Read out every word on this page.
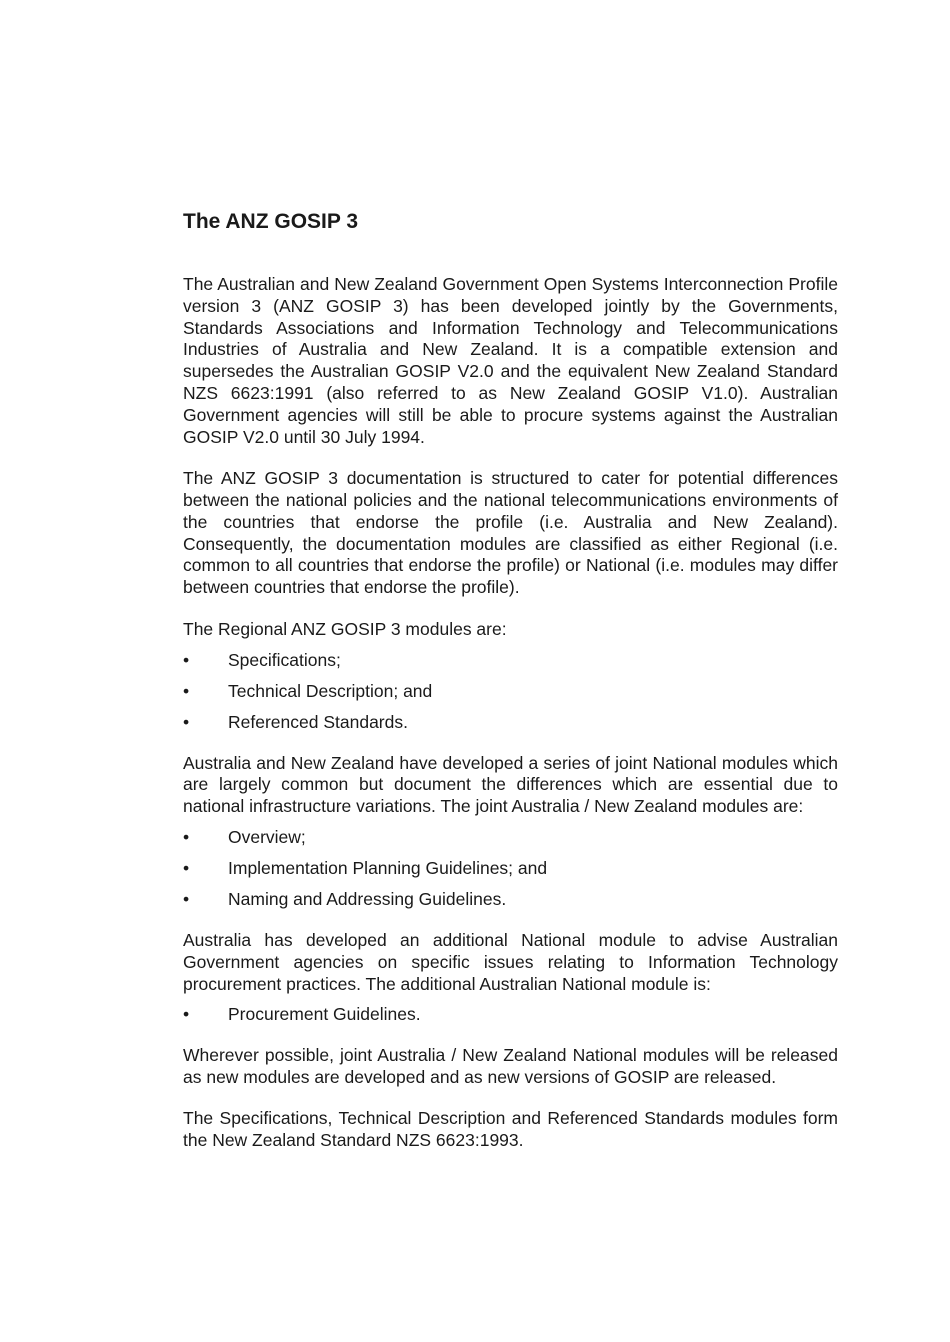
The ANZ GOSIP 3

The Australian and New Zealand Government Open Systems Interconnection Profile version 3 (ANZ GOSIP 3) has been developed jointly by the Governments, Standards Associations and Information Technology and Telecommunications Industries of Australia and New Zealand. It is a compatible extension and supersedes the Australian GOSIP V2.0 and the equivalent New Zealand Standard NZS 6623:1991 (also referred to as New Zealand GOSIP V1.0). Australian Government agencies will still be able to procure systems against the Australian GOSIP V2.0 until 30 July 1994.

The ANZ GOSIP 3 documentation is structured to cater for potential differences between the national policies and the national telecommunications environments of the countries that endorse the profile (i.e. Australia and New Zealand). Consequently, the documentation modules are classified as either Regional (i.e. common to all countries that endorse the profile) or National (i.e. modules may differ between countries that endorse the profile).

The Regional ANZ GOSIP 3 modules are:

•	Specifications;
•	Technical Description; and
•	Referenced Standards.

Australia and New Zealand have developed a series of joint National modules which are largely common but document the differences which are essential due to national infrastructure variations. The joint Australia / New Zealand modules are:

•	Overview;
•	Implementation Planning Guidelines; and
•	Naming and Addressing Guidelines.

Australia has developed an additional National module to advise Australian Government agencies on specific issues relating to Information Technology procurement practices. The additional Australian National module is:

•	Procurement Guidelines.

Wherever possible, joint Australia / New Zealand National modules will be released as new modules are developed and as new versions of GOSIP are released.

The Specifications, Technical Description and Referenced Standards modules form the New Zealand Standard NZS 6623:1993.
